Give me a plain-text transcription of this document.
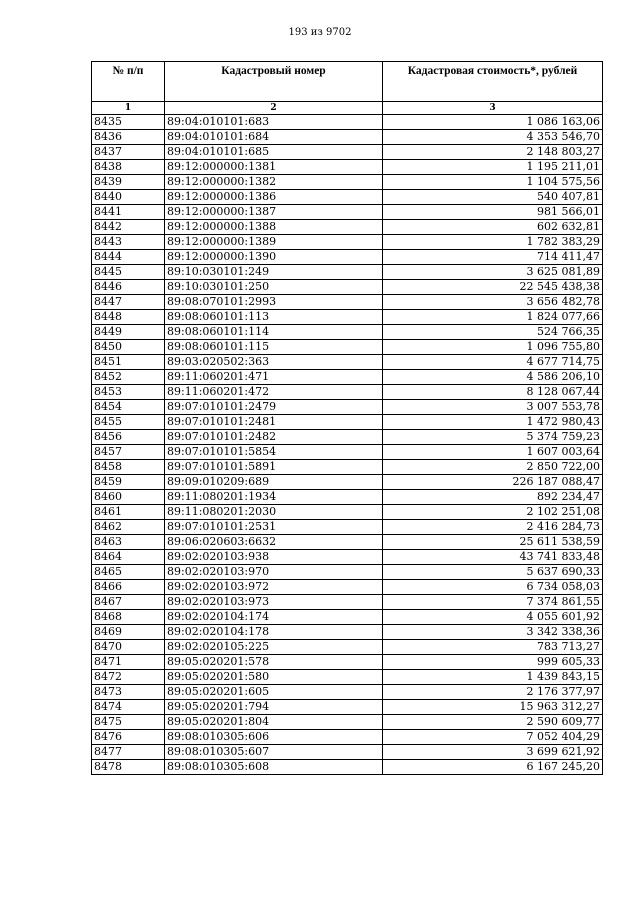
193 из 9702
№ п/п	Кадастровый номер	Кадастровая стоимость*, рублей
1	2	3
8435	89:04:010101:683	1 086 163,06
8436	89:04:010101:684	4 353 546,70
8437	89:04:010101:685	2 148 803,27
8438	89:12:000000:1381	1 195 211,01
8439	89:12:000000:1382	1 104 575,56
8440	89:12:000000:1386	540 407,81
8441	89:12:000000:1387	981 566,01
8442	89:12:000000:1388	602 632,81
8443	89:12:000000:1389	1 782 383,29
8444	89:12:000000:1390	714 411,47
8445	89:10:030101:249	3 625 081,89
8446	89:10:030101:250	22 545 438,38
8447	89:08:070101:2993	3 656 482,78
8448	89:08:060101:113	1 824 077,66
8449	89:08:060101:114	524 766,35
8450	89:08:060101:115	1 096 755,80
8451	89:03:020502:363	4 677 714,75
8452	89:11:060201:471	4 586 206,10
8453	89:11:060201:472	8 128 067,44
8454	89:07:010101:2479	3 007 553,78
8455	89:07:010101:2481	1 472 980,43
8456	89:07:010101:2482	5 374 759,23
8457	89:07:010101:5854	1 607 003,64
8458	89:07:010101:5891	2 850 722,00
8459	89:09:010209:689	226 187 088,47
8460	89:11:080201:1934	892 234,47
8461	89:11:080201:2030	2 102 251,08
8462	89:07:010101:2531	2 416 284,73
8463	89:06:020603:6632	25 611 538,59
8464	89:02:020103:938	43 741 833,48
8465	89:02:020103:970	5 637 690,33
8466	89:02:020103:972	6 734 058,03
8467	89:02:020103:973	7 374 861,55
8468	89:02:020104:174	4 055 601,92
8469	89:02:020104:178	3 342 338,36
8470	89:02:020105:225	783 713,27
8471	89:05:020201:578	999 605,33
8472	89:05:020201:580	1 439 843,15
8473	89:05:020201:605	2 176 377,97
8474	89:05:020201:794	15 963 312,27
8475	89:05:020201:804	2 590 609,77
8476	89:08:010305:606	7 052 404,29
8477	89:08:010305:607	3 699 621,92
8478	89:08:010305:608	6 167 245,20
